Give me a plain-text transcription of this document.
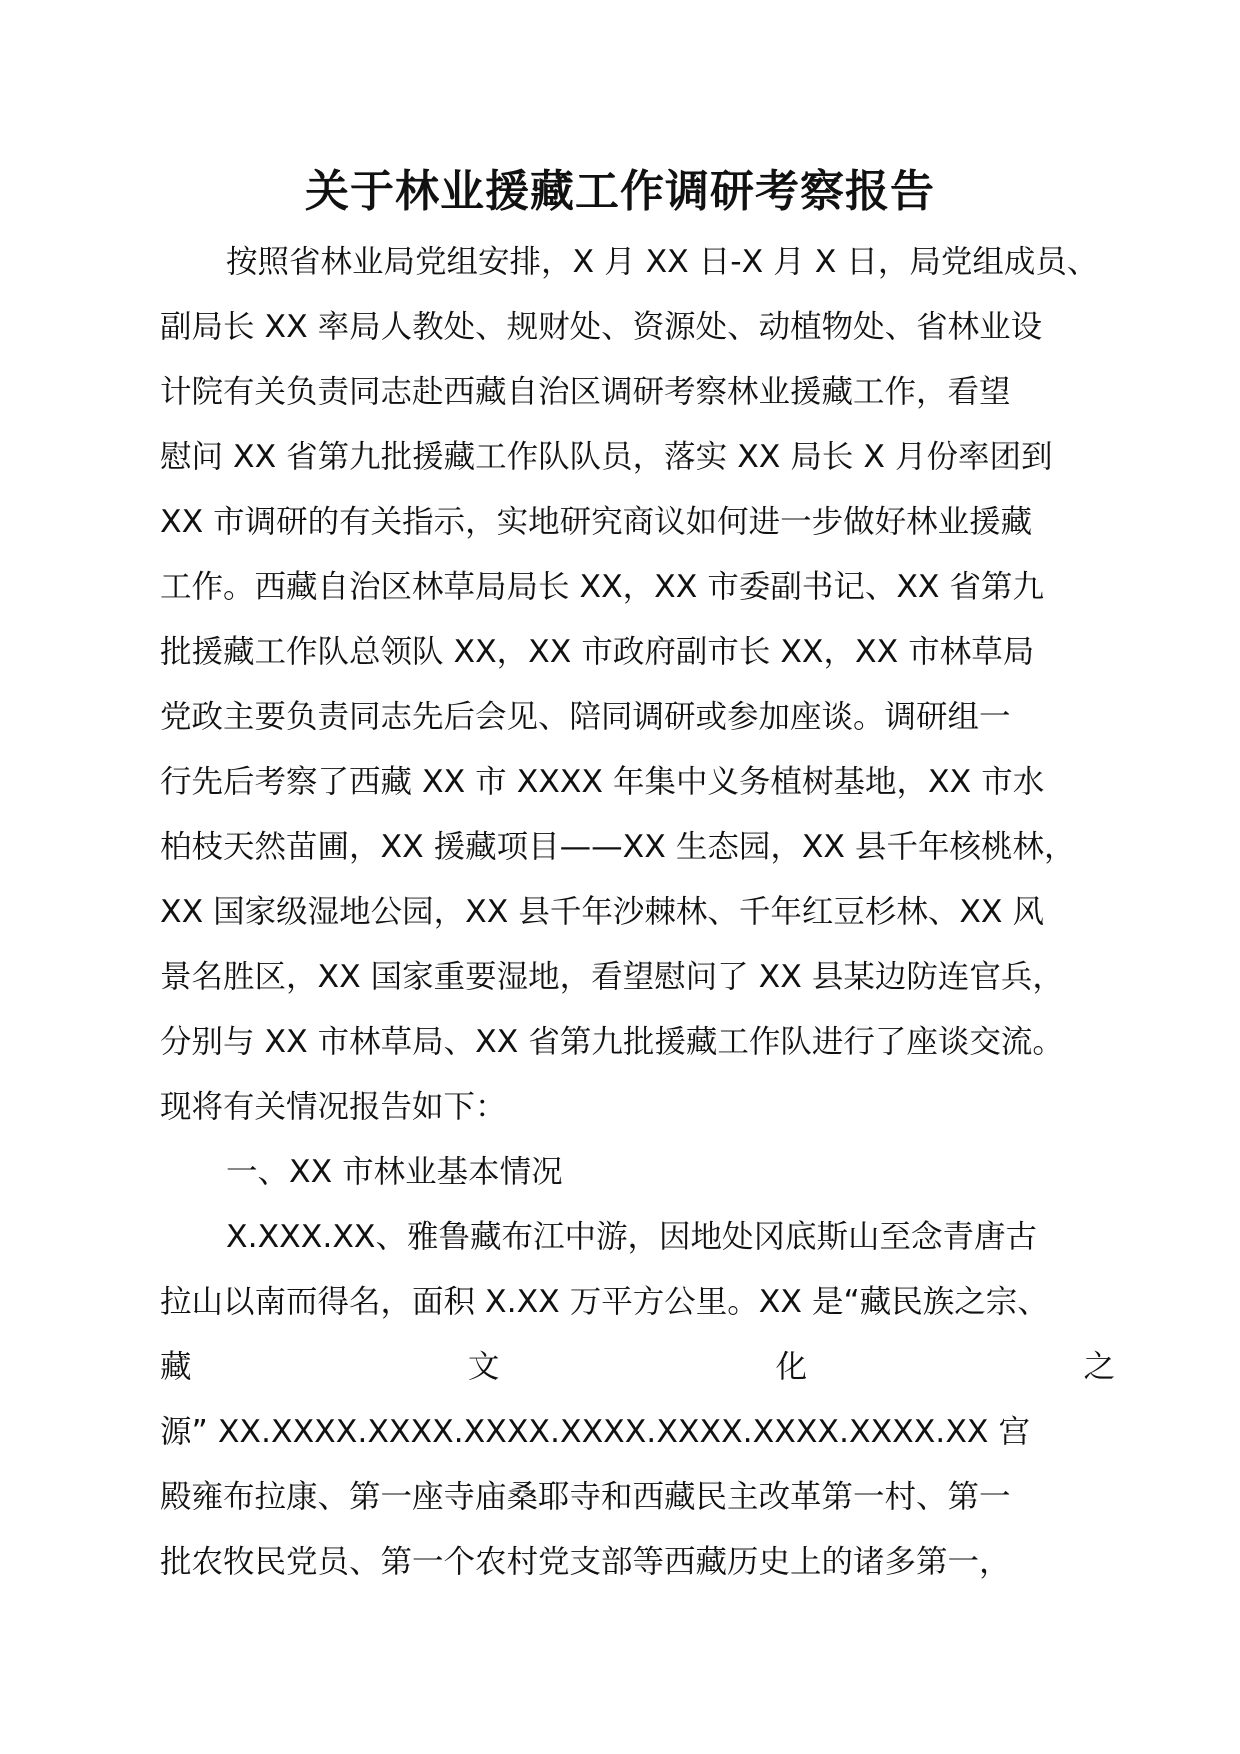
关于林业援藏工作调研考察报告
按照省林业局党组安排，X 月 XX 日-X 月 X 日，局党组成员、
副局长 XX 率局人教处、规财处、资源处、动植物处、省林业设
计院有关负责同志赴西藏自治区调研考察林业援藏工作，看望
慰问 XX 省第九批援藏工作队队员，落实 XX 局长 X 月份率团到
XX 市调研的有关指示，实地研究商议如何进一步做好林业援藏
工作。西藏自治区林草局局长 XX，XX 市委副书记、XX 省第九
批援藏工作队总领队 XX，XX 市政府副市长 XX，XX 市林草局
党政主要负责同志先后会见、陪同调研或参加座谈。调研组一
行先后考察了西藏 XX 市 XXXX 年集中义务植树基地，XX 市水
柏枝天然苗圃，XX 援藏项目——XX 生态园，XX 县千年核桃林，
XX 国家级湿地公园，XX 县千年沙棘林、千年红豆杉林、XX 风
景名胜区，XX 国家重要湿地，看望慰问了 XX 县某边防连官兵，
分别与 XX 市林草局、XX 省第九批援藏工作队进行了座谈交流。
现将有关情况报告如下：
一、XX 市林业基本情况
X.XXX.XX、雅鲁藏布江中游，因地处冈底斯山至念青唐古
拉山以南而得名，面积 X.XX 万平方公里。XX 是“藏民族之宗、
藏	文	化	之
源” XX.XXXX.XXXX.XXXX.XXXX.XXXX.XXXX.XXXX.XX 宫
殿雍布拉康、第一座寺庙桑耶寺和西藏民主改革第一村、第一
批农牧民党员、第一个农村党支部等西藏历史上的诸多第一，
